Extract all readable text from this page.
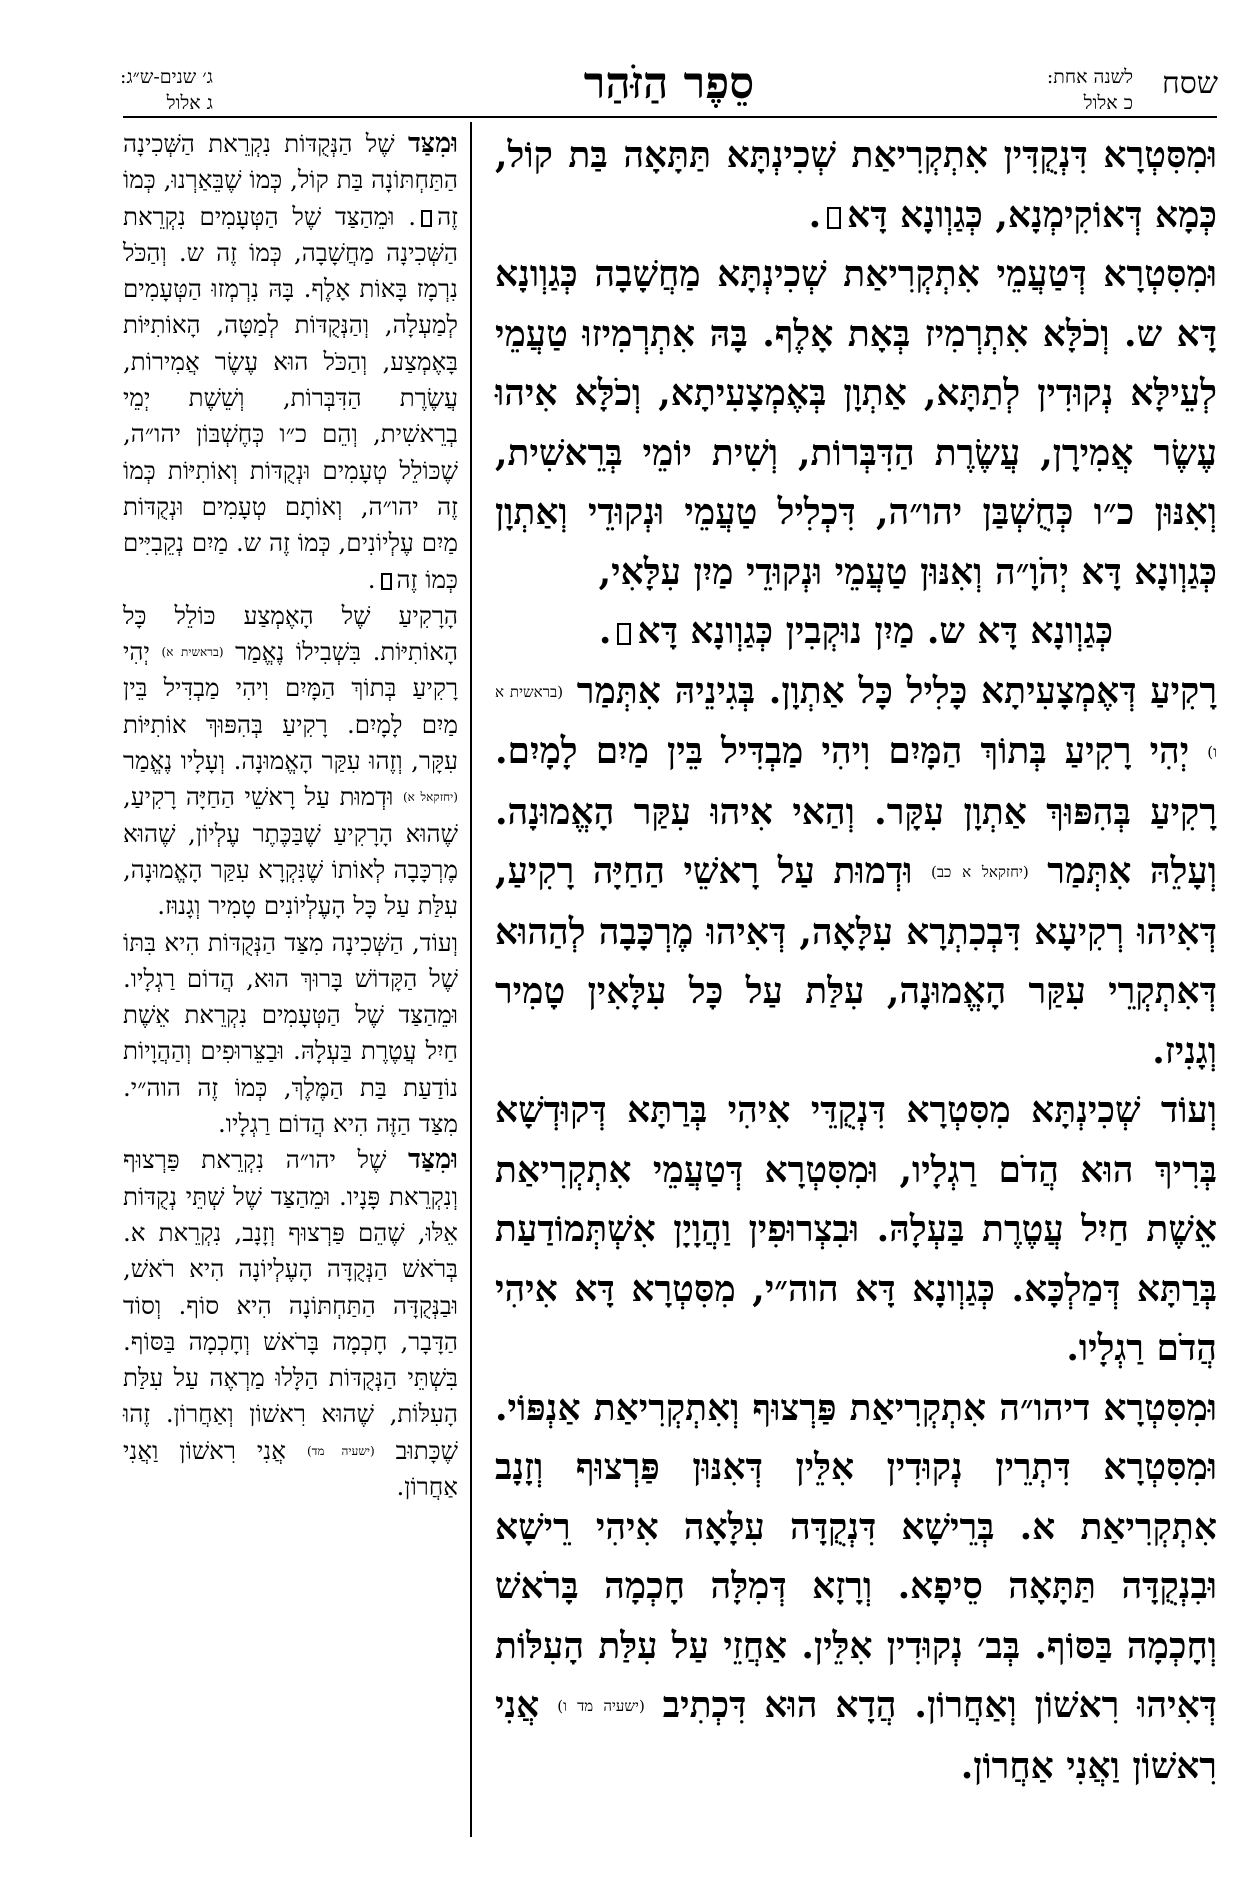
שסח
לשנה אחת:
כ אלול
סֵפֶר הַזֹּהַר
ג׳ שנים-ש״ג:
ג אלול

וּמִסִּטְרָא דִּנְקֻדִּין אִתְקְרִיאַת שְׁכִינְתָּא תַּתָּאָה בַּת קוֹל, כְּמָא דְּאוֹקִימְנָא, כְּגַוְונָא דָּא.

וּמִסִּטְרָא דְּטַעֲמֵי אִתְקְרִיאַת שְׁכִינְתָּא מַחֲשָׁבָה כְּגַוְונָא דָּא ש. וְכֹלָּא אִתְרְמִיז בְּאָת אָלֶף. בָּהּ אִתְרְמִיזוּ טַעֲמֵי לְעֵילָּא נְקוּדִין לְתַתָּא, אַתְוָן בְּאֶמְצָעִיתָא, וְכֹלָּא אִיהוּ עֶשֶׂר אֲמִירָן, עֲשֶׂרֶת הַדִּבְּרוֹת, וְשִׁית יוֹמֵי בְּרֵאשִׁית, וְאִנּוּן כ״ו כְּחֻשְׁבַּן יהו״ה, דִּכְלִיל טַעֲמֵי וּנְקוּדֵי וְאַתְוָן כְּגַוְונָא דָּא יְהֹוָ״ה וְאִנּוּן טַעֲמֵי וּנְקוּדֵי מַיִן עִלָּאִי,

כְּגַוְונָא דָּא ש. מַיִן נוּקְבִין כְּגַוְונָא דָּא.

רָקִיעַ דְּאֶמְצָעִיתָא כָּלִיל כָּל אַתְוָן. בְּגִינֵיהּ אִתְּמַר (בראשית א ו) יְהִי רָקִיעַ בְּתוֹךְ הַמָּיִם וִיהִי מַבְדִּיל בֵּין מַיִם לָמָיִם. רָקִיעַ בְּהִפּוּךְ אַתְוָן עִקָּר. וְהַאי אִיהוּ עִקַּר הָאֱמוּנָה. וְעָלֵהּ אִתְּמַר (יחזקאל א כב) וּדְמוּת עַל רָאשֵׁי הַחַיָּה רָקִיעַ, דְּאִיהוּ רְקִיעָא דִּבְכִתְרָא עִלָּאָה, דְּאִיהוּ מֶרְכָּבָה לְהַהוּא דְּאִתְקְרֵי עִקַּר הָאֱמוּנָה, עִלַּת עַל כָּל עִלָּאִין טָמִיר וְגָנִיז.

וְעוֹד שְׁכִינְתָּא מִסִּטְרָא דִּנְקֻדֵּי אִיהִי בְּרַתָּא דְּקוּדְשָׁא בְּרִיךְ הוּא הֲדֹם רַגְלָיו, וּמִסִּטְרָא דְּטַעֲמֵי אִתְקְרִיאַת אֵשֶׁת חַיִל עֲטֶרֶת בַּעְלָהּ. וּבִצְרוּפִין וַהֲוָיָן אִשְׁתְּמוֹדַעַת בְּרַתָּא דְּמַלְכָּא. כְּגַוְונָא דָּא הוה״י, מִסִּטְרָא דָּא אִיהִי הֲדֹם רַגְלָיו.

וּמִסִּטְרָא דיהו״ה אִתְקְרִיאַת פַּרְצוּף וְאִתְקְרִיאַת אַנְפּוֹי. וּמִסִּטְרָא דִּתְרֵין נְקוּדִין אִלֵּין דְּאִנּוּן פַּרְצוּף וְזָנָב אִתְקְרִיאַת א. בְּרֵישָׁא דִּנְקֻדָּה עִלָּאָה אִיהִי רֵישָׁא וּבִנְקֻדָּה תַּתָּאָה סֵיפָא. וְרָזָא דְּמִלָּה חָכְמָה בָּרֹאשׁ וְחָכְמָה בַּסּוֹף. בְּב׳ נְקוּדִין אִלֵּין. אַחֲזֵי עַל עִלַּת הָעִלּוֹת דְּאִיהוּ רִאשׁוֹן וְאַחֲרוֹן. הֲדָא הוּא דִּכְתִיב (ישעיה מד ו) אֲנִי רִאשׁוֹן וַאֲנִי אַחֲרוֹן.

וּמִצַּד שֶׁל הַנְּקֻדּוֹת נִקְרֵאת הַשְּׁכִינָה הַתַּחְתּוֹנָה בַּת קוֹל, כְּמוֹ שֶׁבֵּאַרְנוּ, כְּמוֹ זֶה. וּמֵהַצַּד שֶׁל הַטְּעָמִים נִקְרֵאת הַשְּׁכִינָה מַחֲשָׁבָה, כְּמוֹ זֶה ש. וְהַכֹּל נִרְמָז בָּאוֹת אָלֶף. בָּהּ נִרְמְזוּ הַטְּעָמִים לְמַעְלָה, וְהַנְּקֻדּוֹת לְמַטָּה, הָאוֹתִיּוֹת בָּאֶמְצַע, וְהַכֹּל הוּא עֶשֶׂר אֲמִירוֹת, עֲשֶׂרֶת הַדִּבְּרוֹת, וְשֵׁשֶׁת יְמֵי בְרֵאשִׁית, וְהֵם כ״ו כְּחֶשְׁבּוֹן יהו״ה, שֶׁכּוֹלֵל טְעָמִים וּנְקֻדּוֹת וְאוֹתִיּוֹת כְּמוֹ זֶה יהו״ה, וְאוֹתָם טְעָמִים וּנְקֻדּוֹת מַיִם עֶלְיוֹנִים, כְּמוֹ זֶה ש. מַיִם נְקֵבִיִּים כְּמוֹ זֶה.

הָרָקִיעַ שֶׁל הָאֶמְצַע כּוֹלֵל כָּל הָאוֹתִיּוֹת. בִּשְׁבִילוֹ נֶאֱמַר (בראשית א) יְהִי רָקִיעַ בְּתוֹךְ הַמָּיִם וִיהִי מַבְדִּיל בֵּין מַיִם לָמָיִם. רָקִיעַ בְּהִפּוּךְ אוֹתִיּוֹת עִקָּר, וְזֶהוּ עִקַּר הָאֱמוּנָה. וְעָלָיו נֶאֱמַר (יחזקאל א) וּדְמוּת עַל רָאשֵׁי הַחַיָּה רָקִיעַ, שֶׁהוּא הָרָקִיעַ שֶׁבַּכֶּתֶר עֶלְיוֹן, שֶׁהוּא מֶרְכָּבָה לְאוֹתוֹ שֶׁנִּקְרָא עִקַּר הָאֱמוּנָה, עִלַּת עַל כָּל הָעֶלְיוֹנִים טָמִיר וְגָנוּז.

וְעוֹד, הַשְּׁכִינָה מִצַּד הַנְּקֻדּוֹת הִיא בִּתּוֹ שֶׁל הַקָּדוֹשׁ בָּרוּךְ הוּא, הֲדוֹם רַגְלָיו. וּמֵהַצַּד שֶׁל הַטְּעָמִים נִקְרֵאת אֵשֶׁת חַיִל עֲטֶרֶת בַּעְלָהּ. וּבַצֵּרוּפִים וְהַהֲוָיוֹת נוֹדַעַת בַּת הַמֶּלֶךְ, כְּמוֹ זֶה הוה״י. מִצַּד הַזֶּה הִיא הֲדוֹם רַגְלָיו.

וּמִצַּד שֶׁל יהו״ה נִקְרֵאת פַּרְצוּף וְנִקְרֵאת פָּנָיו. וּמֵהַצַּד שֶׁל שְׁתֵּי נְקֻדּוֹת אֵלּוּ, שֶׁהֵם פַּרְצוּף וְזָנָב, נִקְרֵאת א. בְּרֹאשׁ הַנְּקֻדָּה הָעֶלְיוֹנָה הִיא רֹאשׁ, וּבַנְּקֻדָּה הַתַּחְתּוֹנָה הִיא סוֹף. וְסוֹד הַדָּבָר, חָכְמָה בָּרֹאשׁ וְחָכְמָה בַּסּוֹף. בִּשְׁתֵּי הַנְּקֻדּוֹת הַלָּלוּ מַרְאֶה עַל עִלַּת הָעִלּוֹת, שֶׁהוּא רִאשׁוֹן וְאַחֲרוֹן. זֶהוּ שֶׁכָּתוּב (ישעיה מד) אֲנִי רִאשׁוֹן וַאֲנִי אַחֲרוֹן.
